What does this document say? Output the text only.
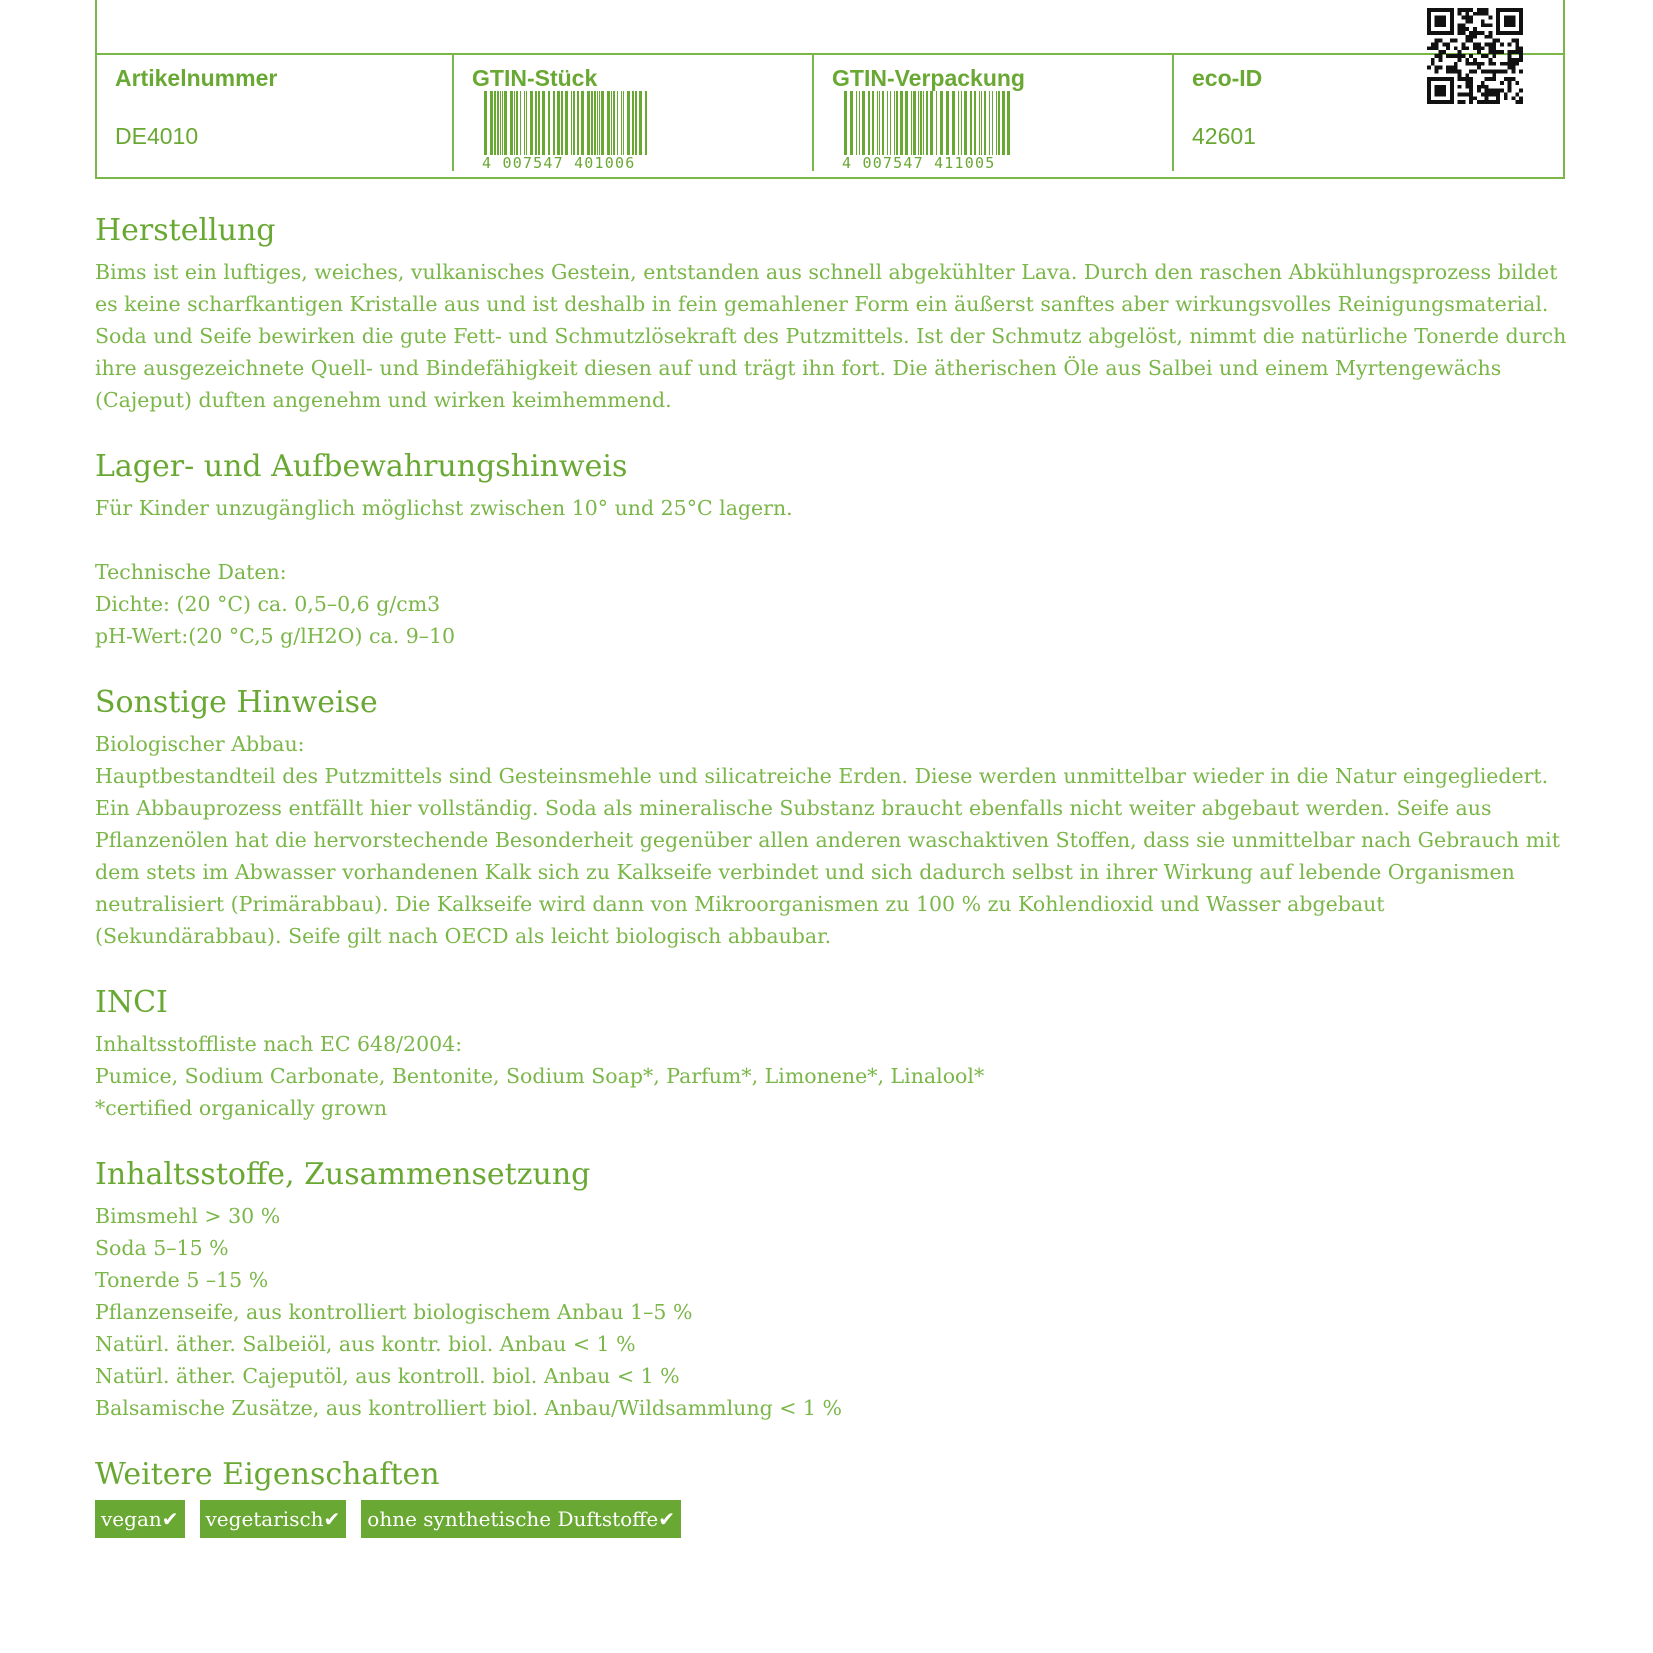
Artikelnummer
DE4010
GTIN-Stück
4 007547 401006
GTIN-Verpackung
4 007547 411005
eco-ID
42601
Herstellung

Bims ist ein luftiges, weiches, vulkanisches Gestein, entstanden aus schnell abgekühlter Lava. Durch den raschen Abkühlungsprozess bildet es keine scharfkantigen Kristalle aus und ist deshalb in fein gemahlener Form ein äußerst sanftes aber wirkungsvolles Reinigungsmaterial. Soda und Seife bewirken die gute Fett- und Schmutzlösekraft des Putzmittels. Ist der Schmutz abgelöst, nimmt die natürliche Tonerde durch ihre ausgezeichnete Quell- und Bindefähigkeit diesen auf und trägt ihn fort. Die ätherischen Öle aus Salbei und einem Myrtengewächs (Cajeput) duften angenehm und wirken keimhemmend.

Lager- und Aufbewahrungshinweis
Für Kinder unzugänglich möglichst zwischen 10° und 25°C lagern.
Technische Daten:
Dichte: (20 °C) ca. 0,5–0,6 g/cm3
pH-Wert:(20 °C,5 g/lH2O) ca. 9–10
Sonstige Hinweise
Biologischer Abbau:

Hauptbestandteil des Putzmittels sind Gesteinsmehle und silicatreiche Erden. Diese werden unmittelbar wieder in die Natur eingegliedert. Ein Abbauprozess entfällt hier vollständig. Soda als mineralische Substanz braucht ebenfalls nicht weiter abgebaut werden. Seife aus Pflanzenölen hat die hervorstechende Besonderheit gegenüber allen anderen waschaktiven Stoffen, dass sie unmittelbar nach Gebrauch mit dem stets im Abwasser vorhandenen Kalk sich zu Kalkseife verbindet und sich dadurch selbst in ihrer Wirkung auf lebende Organismen neutralisiert (Primärabbau). Die Kalkseife wird dann von Mikroorganismen zu 100 % zu Kohlendioxid und Wasser abgebaut (Sekundärabbau). Seife gilt nach OECD als leicht biologisch abbaubar.

INCI
Inhaltsstoffliste nach EC 648/2004:
Pumice, Sodium Carbonate, Bentonite, Sodium Soap*, Parfum*, Limonene*, Linalool*
*certified organically grown
Inhaltsstoffe, Zusammensetzung
Bimsmehl > 30 %
Soda 5–15 %
Tonerde 5 –15 %
Pflanzenseife, aus kontrolliert biologischem Anbau 1–5 %
Natürl. äther. Salbeiöl, aus kontr. biol. Anbau < 1 %
Natürl. äther. Cajeputöl, aus kontroll. biol. Anbau < 1 %
Balsamische Zusätze, aus kontrolliert biol. Anbau/Wildsammlung < 1 %
Weitere Eigenschaften
vegan✔	vegetarisch✔	ohne synthetische Duftstoffe✔
